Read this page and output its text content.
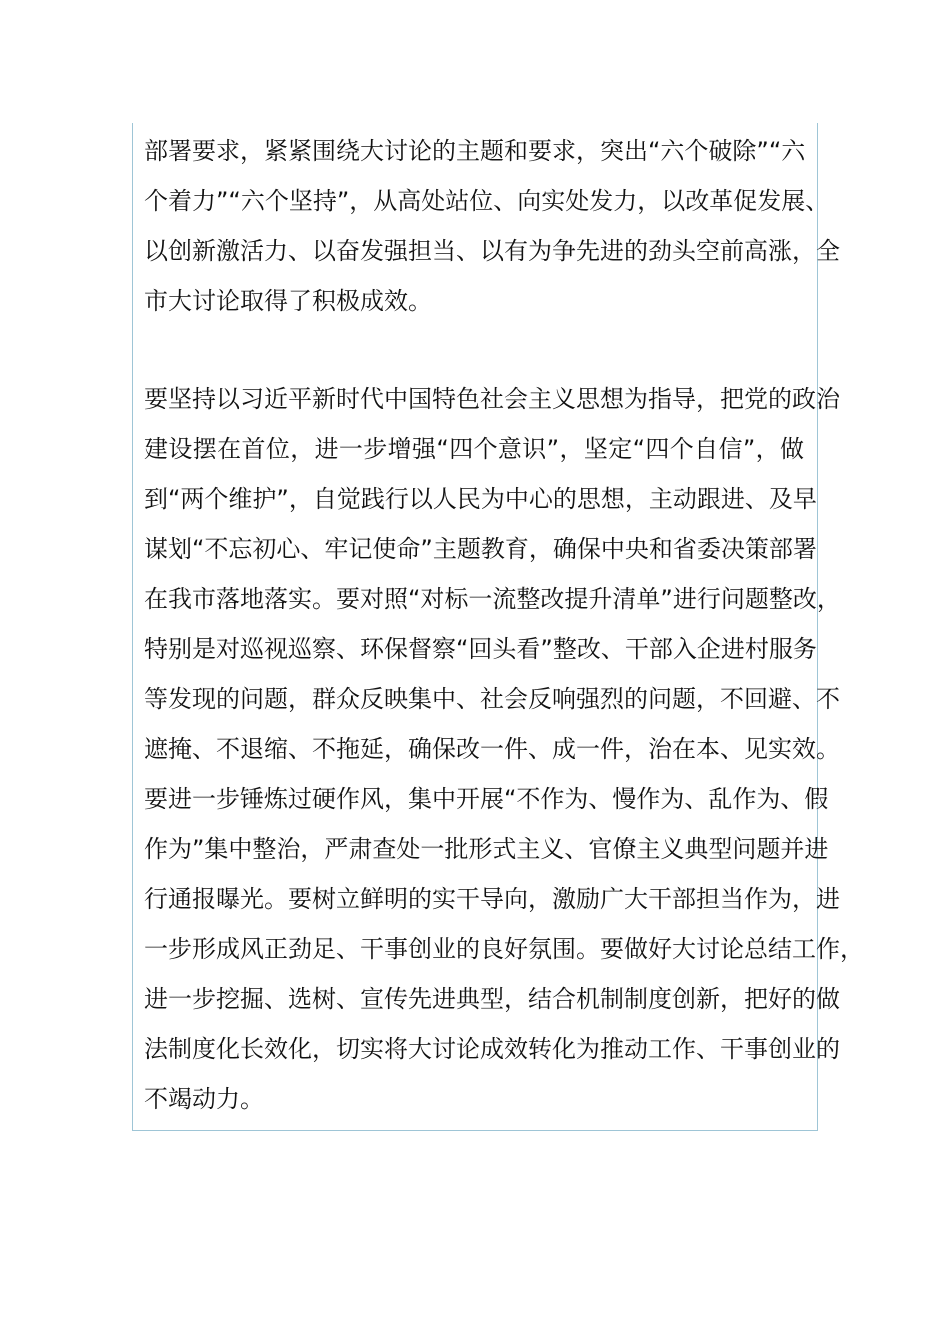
部署要求，紧紧围绕大讨论的主题和要求，突出“六个破除”“六
个着力”“六个坚持”，从高处站位、向实处发力，以改革促发展、
以创新激活力、以奋发强担当、以有为争先进的劲头空前高涨，全
市大讨论取得了积极成效。
要坚持以习近平新时代中国特色社会主义思想为指导，把党的政治
建设摆在首位，进一步增强“四个意识”，坚定“四个自信”，做
到“两个维护”，自觉践行以人民为中心的思想，主动跟进、及早
谋划“不忘初心、牢记使命”主题教育，确保中央和省委决策部署
在我市落地落实。要对照“对标一流整改提升清单”进行问题整改，
特别是对巡视巡察、环保督察“回头看”整改、干部入企进村服务
等发现的问题，群众反映集中、社会反响强烈的问题，不回避、不
遮掩、不退缩、不拖延，确保改一件、成一件，治在本、见实效。
要进一步锤炼过硬作风，集中开展“不作为、慢作为、乱作为、假
作为”集中整治，严肃查处一批形式主义、官僚主义典型问题并进
行通报曝光。要树立鲜明的实干导向，激励广大干部担当作为，进
一步形成风正劲足、干事创业的良好氛围。要做好大讨论总结工作，
进一步挖掘、选树、宣传先进典型，结合机制制度创新，把好的做
法制度化长效化，切实将大讨论成效转化为推动工作、干事创业的
不竭动力。
